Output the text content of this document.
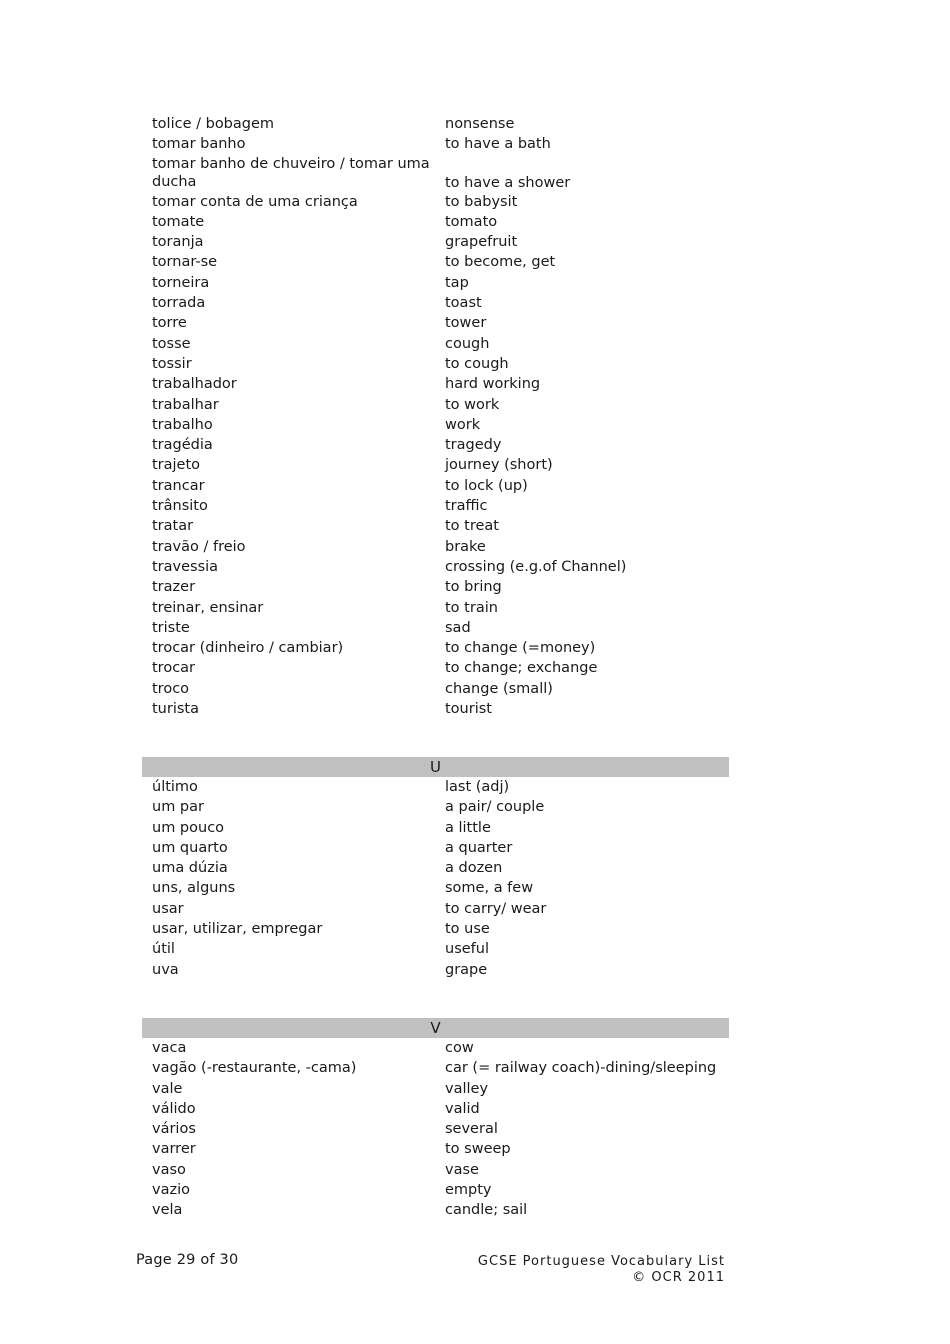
tolice / bobagem	nonsense
tomar banho	to have a bath
tomar banho de chuveiro / tomar uma ducha	to have a shower
tomar conta de uma criança	to babysit
tomate	tomato
toranja	grapefruit
tornar-se	to become, get
torneira	tap
torrada	toast
torre	tower
tosse	cough
tossir	to cough
trabalhador	hard working
trabalhar	to work
trabalho	work
tragédia	tragedy
trajeto	journey (short)
trancar	to lock (up)
trânsito	traffic
tratar	to treat
travão / freio	brake
travessia	crossing (e.g.of Channel)
trazer	to bring
treinar, ensinar	to train
triste	sad
trocar (dinheiro / cambiar)	to change (=money)
trocar	to change; exchange
troco	change (small)
turista	tourist
U
último	last (adj)
um par	a pair/ couple
um pouco	a little
um quarto	a quarter
uma dúzia	a dozen
uns, alguns	some, a few
usar	to carry/ wear
usar, utilizar, empregar	to use
útil	useful
uva	grape
V
vaca	cow
vagão (-restaurante, -cama)	car (= railway coach)-dining/sleeping
vale	valley
válido	valid
vários	several
varrer	to sweep
vaso	vase
vazio	empty
vela	candle; sail
Page 29 of 30	GCSE Portuguese Vocabulary List
© OCR 2011
